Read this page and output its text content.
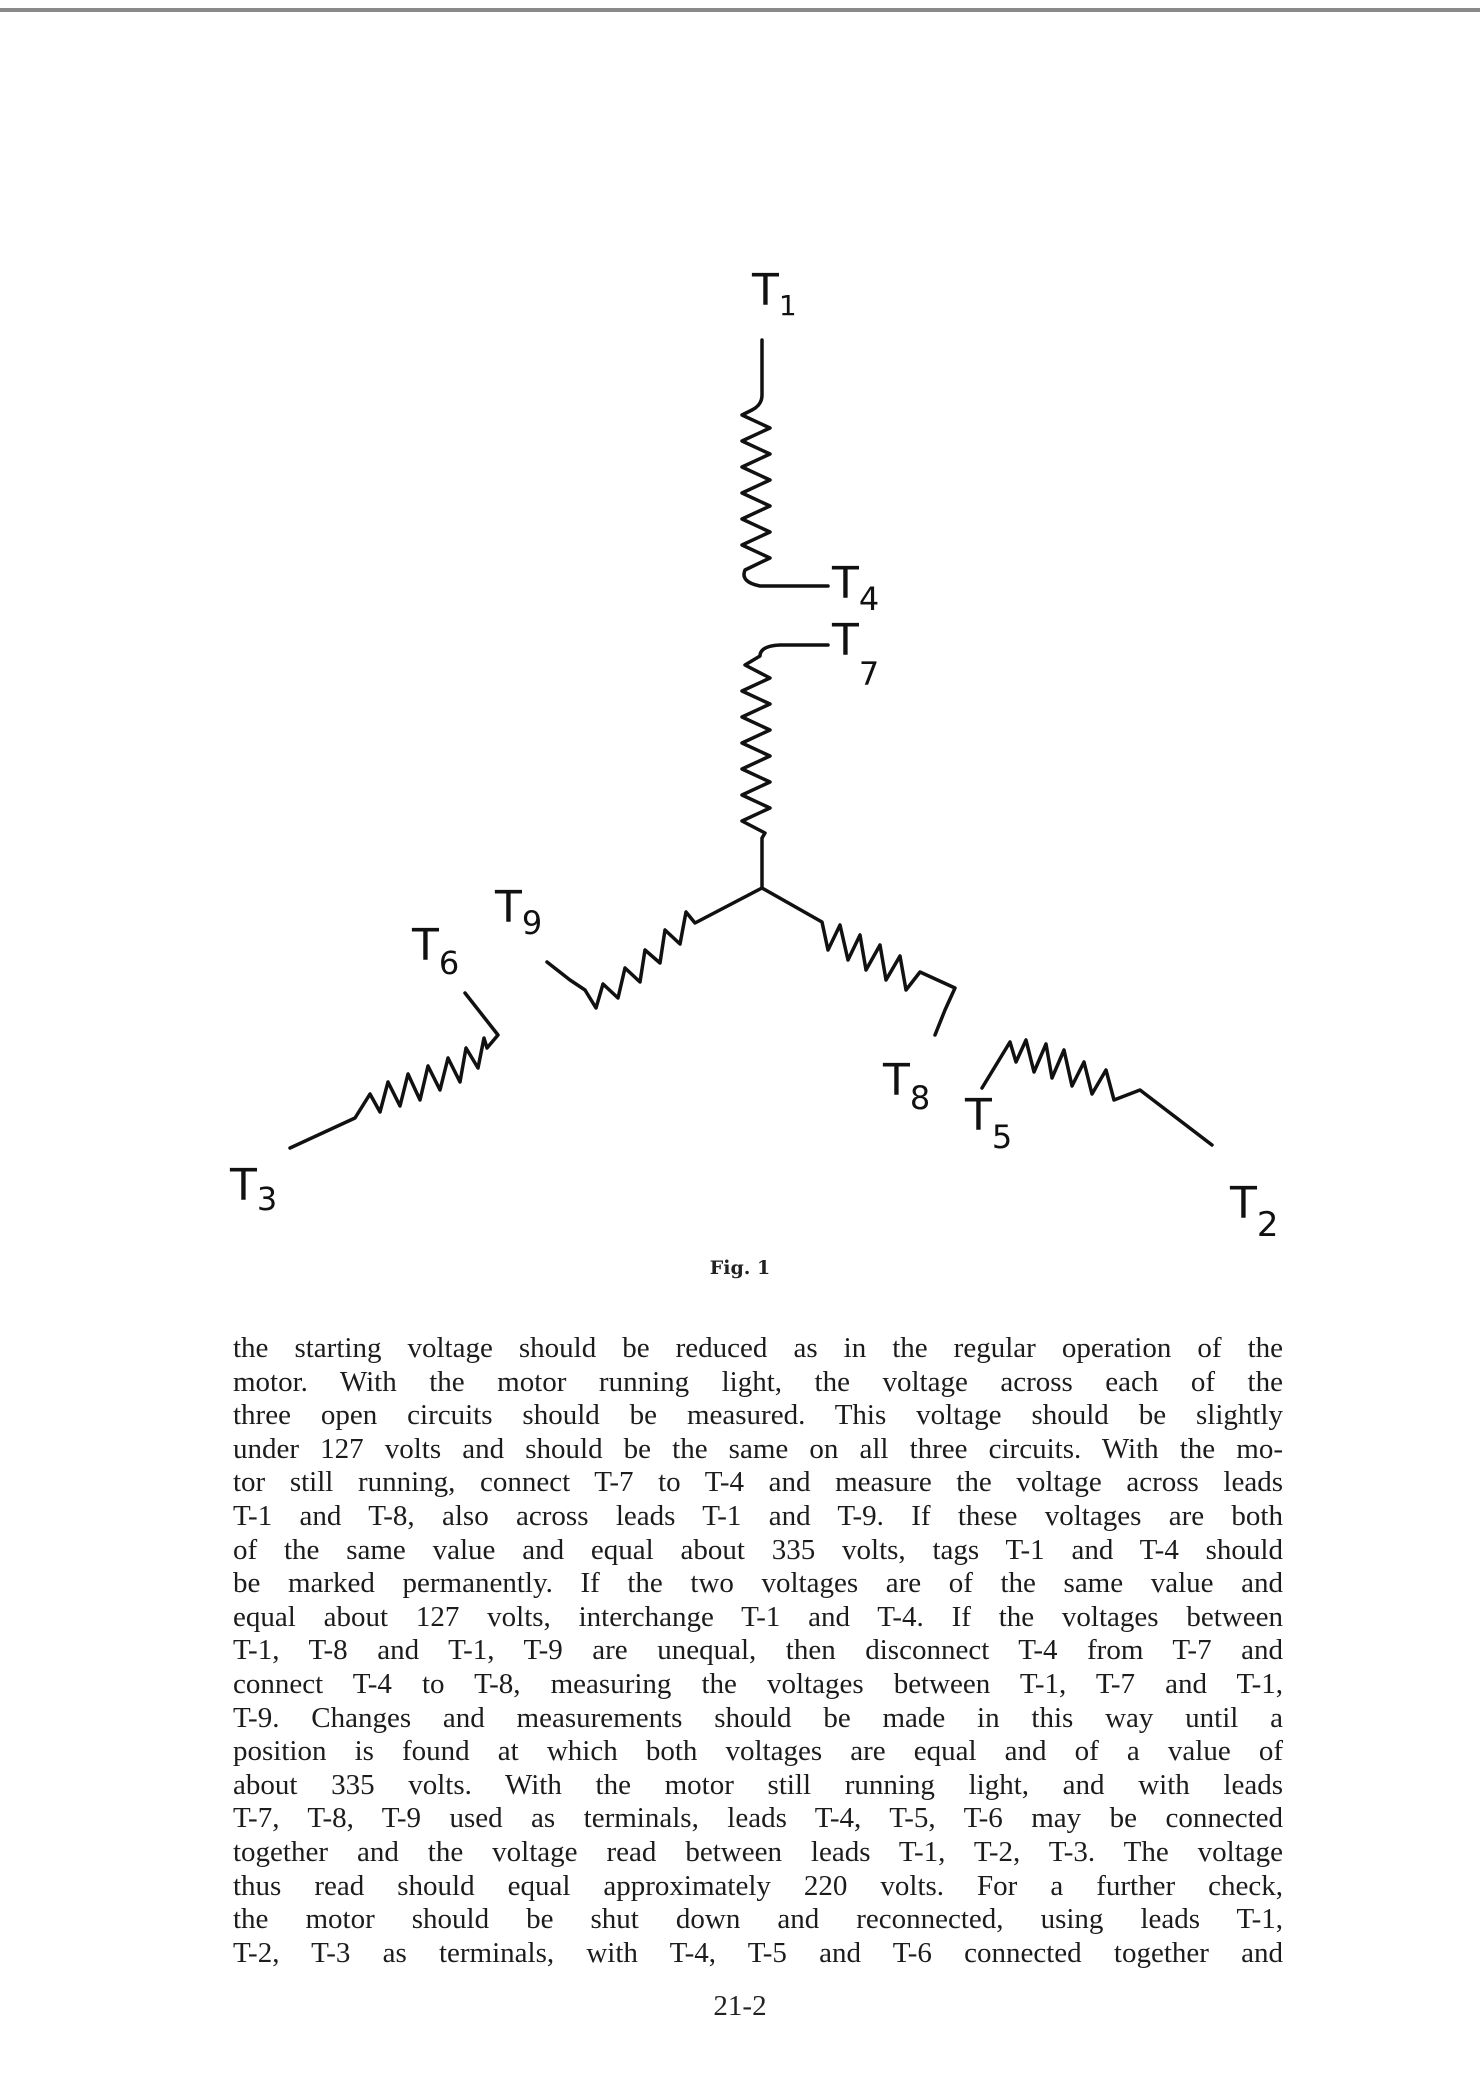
$T_1$
$T_4$
$T_7$
$T_9$
$T_6$
$T_8$ $T_5$
$T_3$	$T_2$
Fig. 1
the starting voltage should be reduced as in the regular operation of the
motor. With the motor running light, the voltage across each of the
three open circuits should be measured. This voltage should be slightly
under 127 volts and should be the same on all three circuits. With the mo-
tor still running, connect T-7 to T-4 and measure the voltage across leads
T-1 and T-8, also across leads T-1 and T-9. If these voltages are both
of the same value and equal about 335 volts, tags T-1 and T-4 should
be marked permanently. If the two voltages are of the same value and
equal about 127 volts, interchange T-1 and T-4. If the voltages between
T-1, T-8 and T-1, T-9 are unequal, then disconnect T-4 from T-7 and
connect T-4 to T-8, measuring the voltages between T-1, T-7 and T-1,
T-9. Changes and measurements should be made in this way until a
position is found at which both voltages are equal and of a value of
about 335 volts. With the motor still running light, and with leads
T-7, T-8, T-9 used as terminals, leads T-4, T-5, T-6 may be connected
together and the voltage read between leads T-1, T-2, T-3. The voltage
thus read should equal approximately 220 volts. For a further check,
the motor should be shut down and reconnected, using leads T-1,
T-2, T-3 as terminals, with T-4, T-5 and T-6 connected together and
21-2
